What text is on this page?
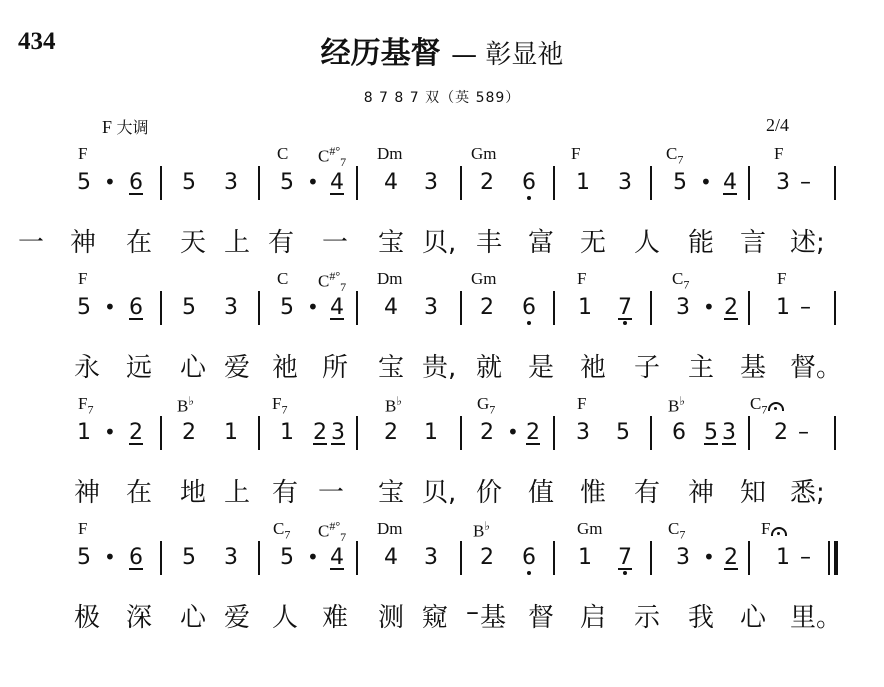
434	经历基督 — 彰显祂
8 7 8 7 双（英 589）
F 大调	2/4
F	C $C^{\#^\circ}_7$ Dm	Gm	F	$C_7$	F
5 • 6 5 3 5 • 4 4 3 2 6 1 3 5 • 4 3 –
一 神 在 天 上 有 一 宝 贝, 丰 富 无 人 能 言 述;
F	C $C^{\#^\circ}_7$ Dm	Gm	F	$C_7$	F
5 • 6 5 3 5 • 4 4 3 2 6 1 7 3 • 2 1 –
永 远 心 爱 祂 所 宝 贵, 就 是 祂 子 主 基 督。
$F_7$	B♭	$F_7$	B♭	$G_7$	F	B♭	$C_7$
1 • 2 2 1 1 2 3 2 1 2 • 2 3 5 6 5 3 2 –
神 在 地 上 有 一 宝 贝, 价 值 惟 有 神 知 悉;
F	$C_7$ $C^{\#^\circ}_7$ Dm	B♭	Gm	$C_7$	F
5 • 6 5 3 5 • 4 4 3 2 6 1 7 3 • 2 1 –
极 深 心 爱 人 难 测 窥 – 基 督 启 示 我 心 里。
